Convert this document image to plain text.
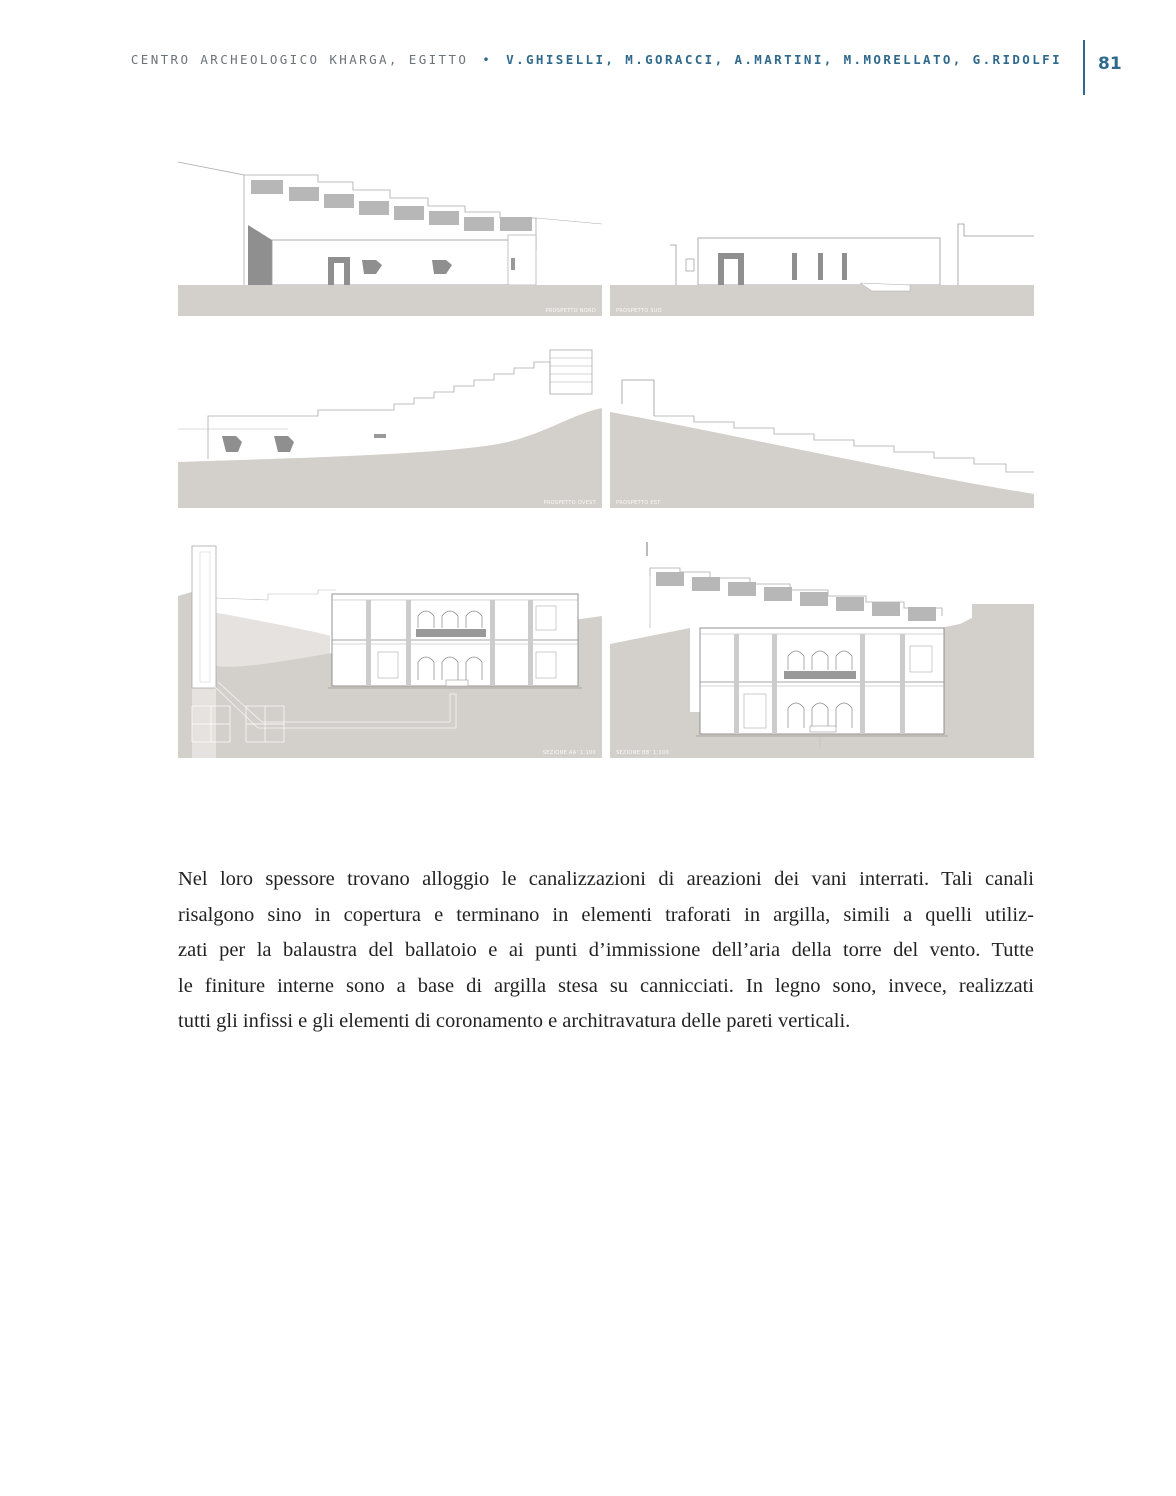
CENTRO ARCHEOLOGICO KHARGA, EGITTO • V.GHISELLI, M.GORACCI, A.MARTINI, M.MORELLATO, G.RIDOLFI 81
PROSPETTO NORD	PROSPETTO SUD
PROSPETTO OVEST	PROSPETTO EST
SEZIONE AA' 1:100	SEZIONE BB' 1:100
Nel loro spessore trovano alloggio le canalizzazioni di areazioni dei vani interrati. Tali canali
risalgono sino in copertura e terminano in elementi traforati in argilla, simili a quelli utiliz-
zati per la balaustra del ballatoio e ai punti d’immissione dell’aria della torre del vento. Tutte
le finiture interne sono a base di argilla stesa su cannicciati. In legno sono, invece, realizzati
tutti gli infissi e gli elementi di coronamento e architravatura delle pareti verticali.
